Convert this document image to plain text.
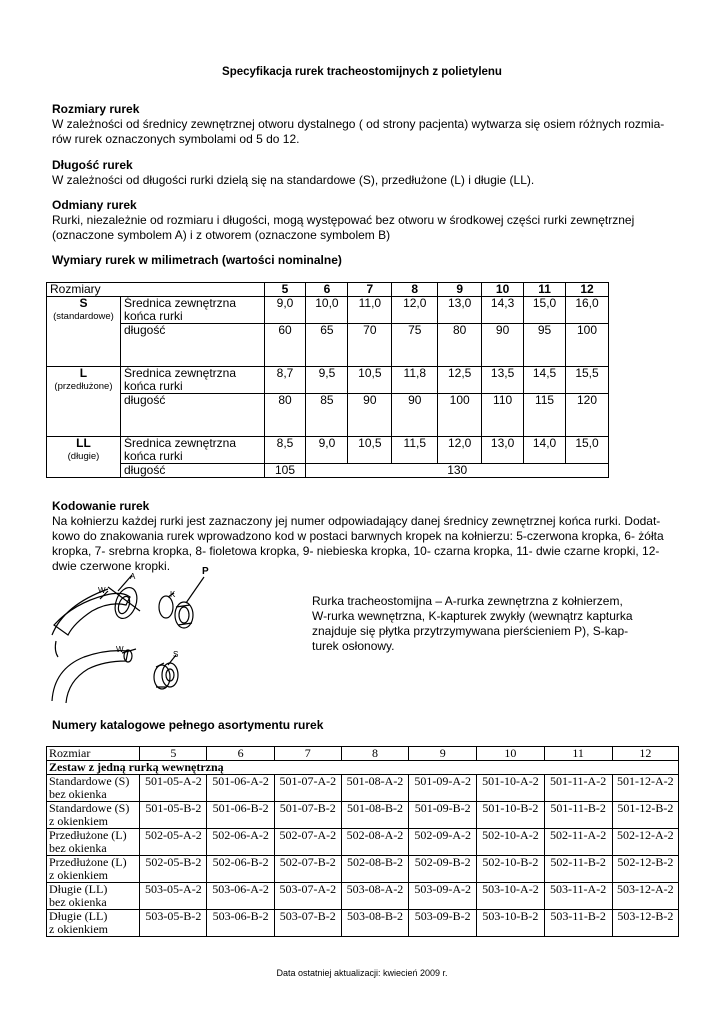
Specyfikacja rurek tracheostomijnych z polietylenu
Rozmiary rurek
W zależności od średnicy zewnętrznej otworu dystalnego ( od strony pacjenta) wytwarza się osiem różnych rozmia-
rów rurek oznaczonych symbolami od 5 do 12.
Długość rurek
W zależności od długości rurki dzielą się na standardowe (S), przedłużone (L) i długie (LL).
Odmiany rurek
Rurki, niezależnie od rozmiaru i długości, mogą występować bez otworu w środkowej części rurki zewnętrznej
(oznaczone symbolem A) i z otworem (oznaczone symbolem B)
Wymiary rurek w milimetrach (wartości nominalne)
Rozmiary		5	6	7	8	9	10	11	12

S
(standardowe)	Średnica zewnętrzna
końca rurki	9,0	10,0	11,0	12,0	13,0	14,3	15,0	16,0
	długość	60	65	70	75	80	90	95	100

L
(przedłużone)	Średnica zewnętrzna
końca rurki	8,7	9,5	10,5	11,8	12,5	13,5	14,5	15,5
	długość	80	85	90	90	100	110	115	120

LL
(długie)	Średnica zewnętrzna
końca rurki	8,5	9,0	10,5	11,5	12,0	13,0	14,0	15,0
	długość	105	130						
Kodowanie rurek
Na kołnierzu każdej rurki jest zaznaczony jej numer odpowiadający danej średnicy zewnętrznej końca rurki. Dodat-
kowo do znakowania rurek wprowadzono kod w postaci barwnych kropek na kołnierzu: 5-czerwona kropka, 6- żółta
kropka, 7- srebrna kropka, 8- fioletowa kropka, 9- niebieska kropka, 10- czarna kropka, 11- dwie czarne kropki, 12-
dwie czerwone kropki.	P
A
W	K
W
S
Rurka tracheostomijna – A-rurka zewnętrzna z kołnierzem,
W-rurka wewnętrzna, K-kapturek zwykły (wewnątrz kapturka
znajduje się płytka przytrzymywana pierścieniem P), S-kap-
turek osłonowy.
Numery katalogowe pełnego asortymentu rurek
Rozmiar	5	6	7	8	9	10	11	12
Zestaw z jedną rurką wewnętrzną								

Standardowe (S)
bez okienka	501-05-A-2	501-06-A-2	501-07-A-2	501-08-A-2	501-09-A-2	501-10-A-2	501-11-A-2	501-12-A-2

Standardowe (S)
z okienkiem	501-05-B-2	501-06-B-2	501-07-B-2	501-08-B-2	501-09-B-2	501-10-B-2	501-11-B-2	501-12-B-2

Przedłużone (L)
bez okienka	502-05-A-2	502-06-A-2	502-07-A-2	502-08-A-2	502-09-A-2	502-10-A-2	502-11-A-2	502-12-A-2

Przedłużone (L)
z okienkiem	502-05-B-2	502-06-B-2	502-07-B-2	502-08-B-2	502-09-B-2	502-10-B-2	502-11-B-2	502-12-B-2

Długie (LL)
bez okienka	503-05-A-2	503-06-A-2	503-07-A-2	503-08-A-2	503-09-A-2	503-10-A-2	503-11-A-2	503-12-A-2

Długie (LL)
z okienkiem	503-05-B-2	503-06-B-2	503-07-B-2	503-08-B-2	503-09-B-2	503-10-B-2	503-11-B-2	503-12-B-2
Data ostatniej aktualizacji: kwiecień 2009 r.
